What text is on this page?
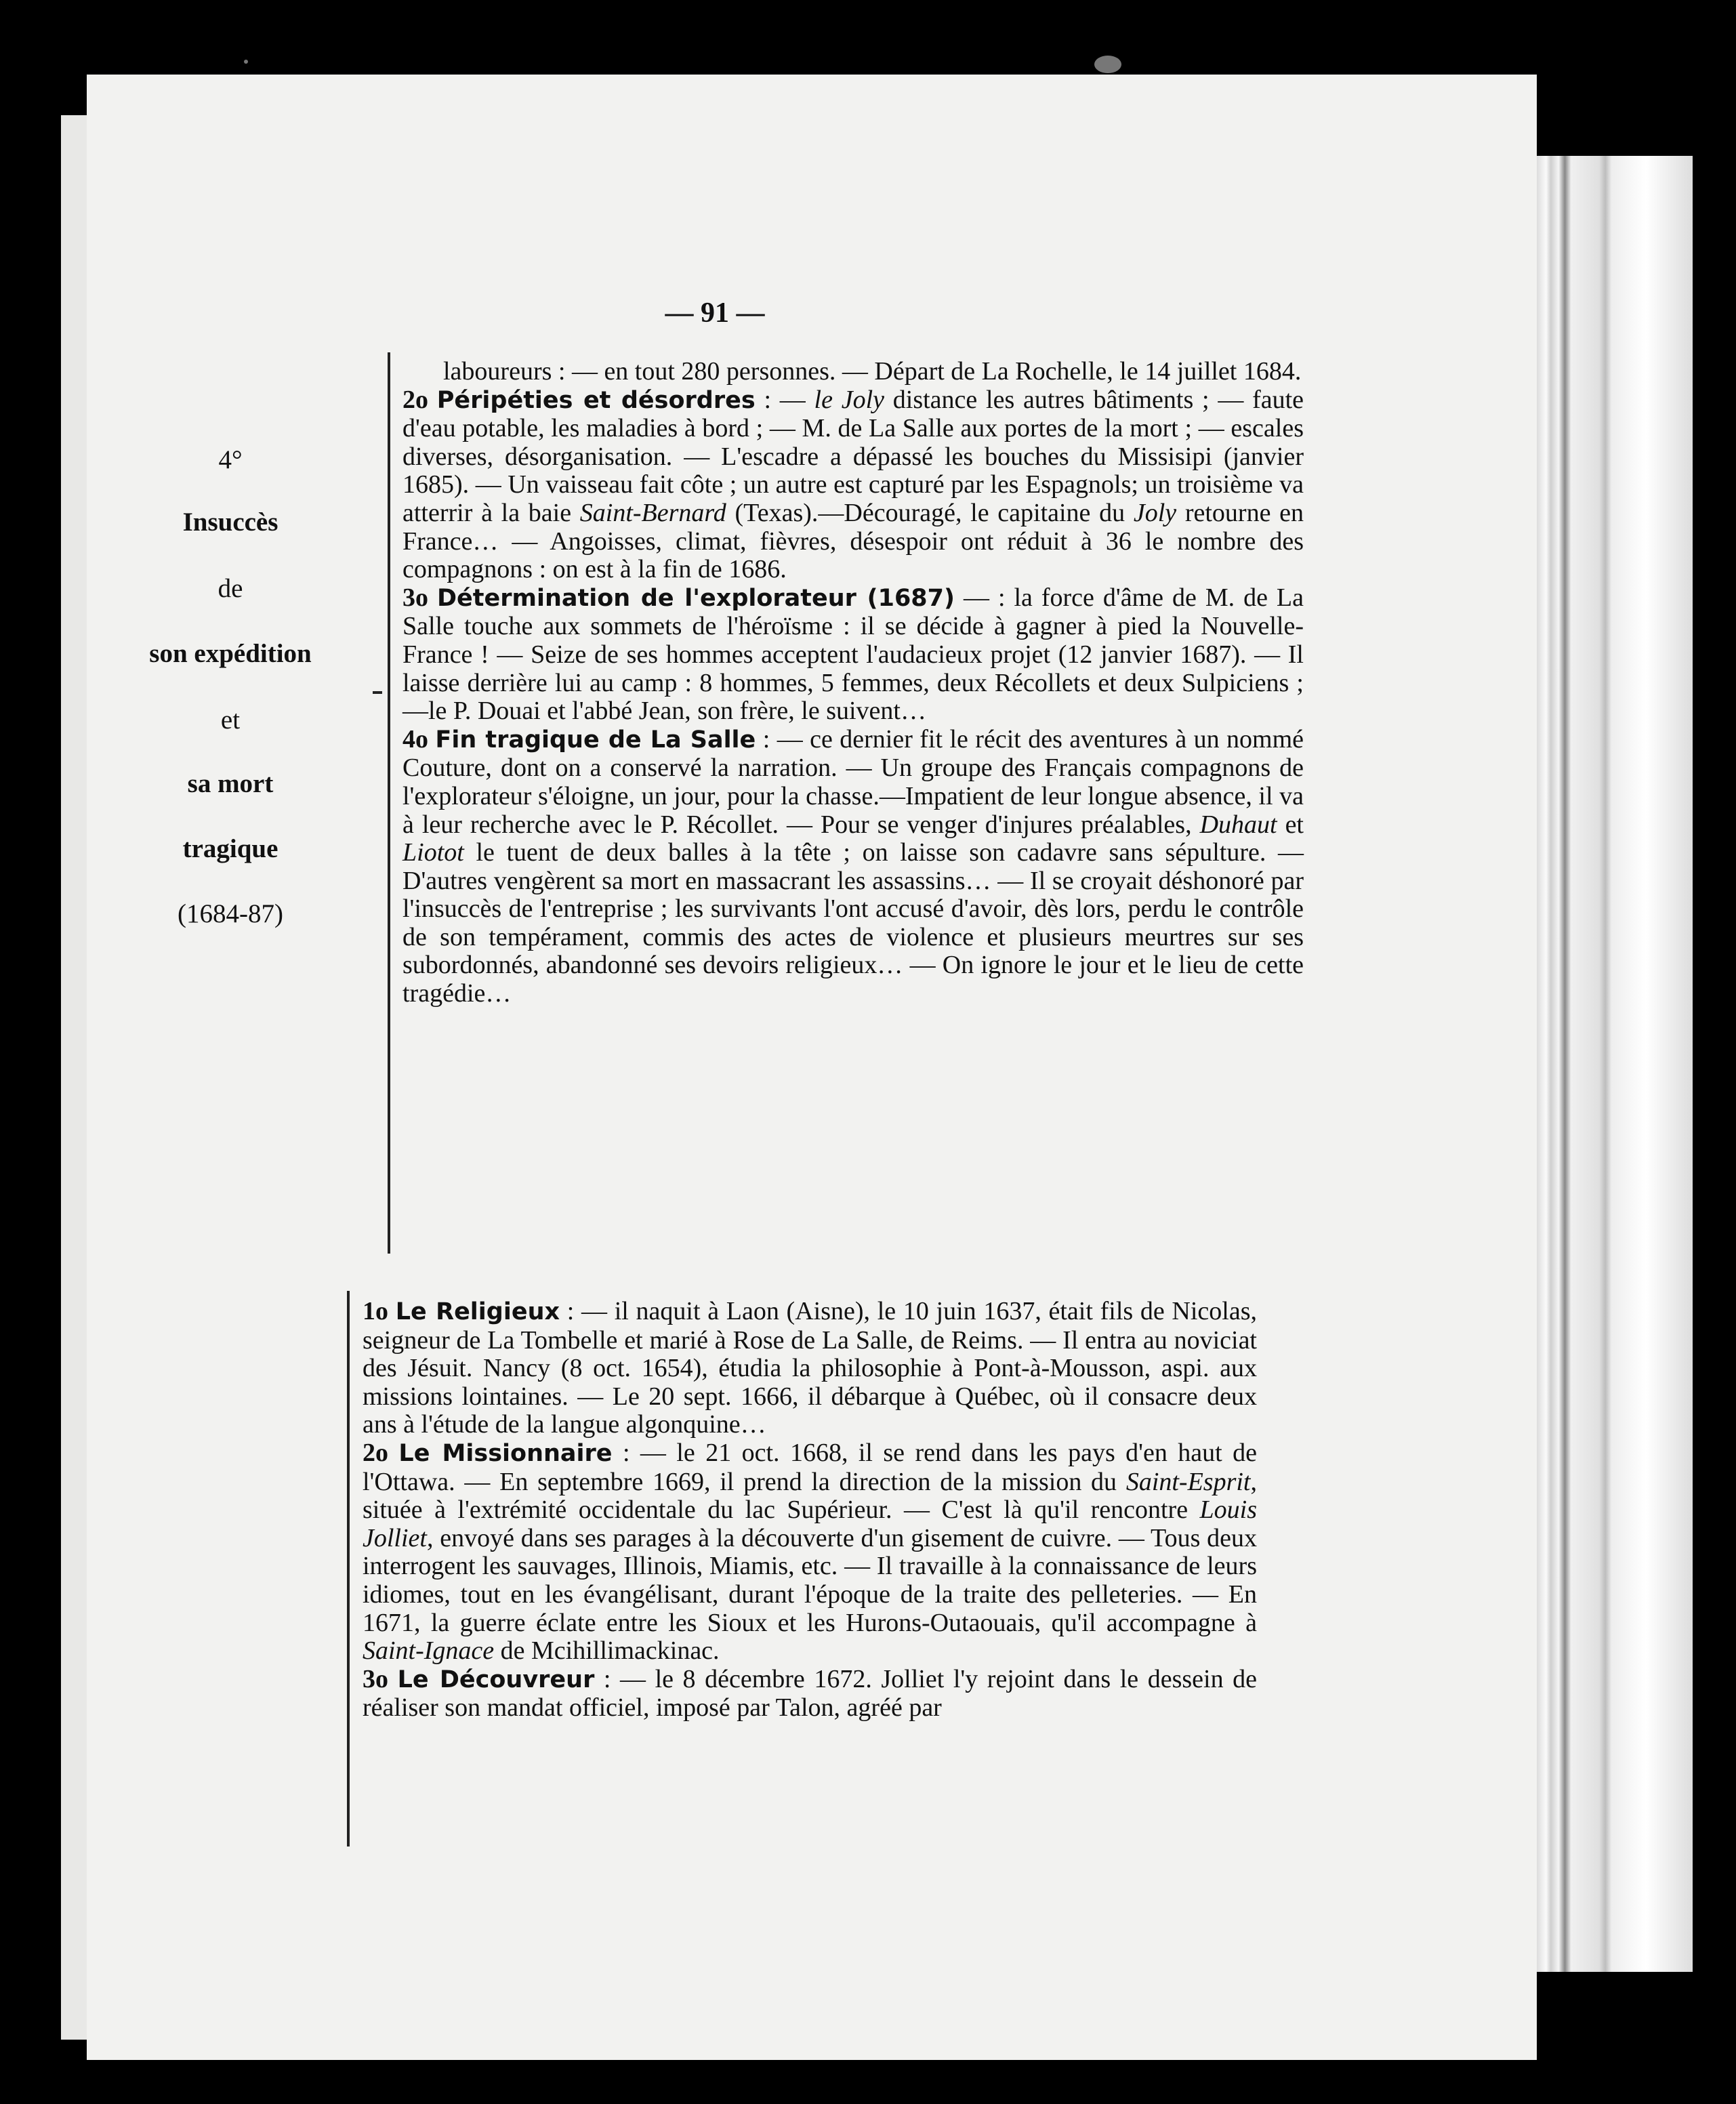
— 91 —
4°
Insuccès
de
son expédition
et
sa mort
tragique
(1684-87)

laboureurs : — en tout 280 personnes. — Départ de La Rochelle, le 14 juillet 1684.

2o Péripéties et désordres : — le Joly distance les autres bâtiments ; — faute d'eau potable, les maladies à bord ; — M. de La Salle aux portes de la mort ; — escales diverses, désorganisation. — L'escadre a dépassé les bouches du Missisipi (janvier 1685). — Un vaisseau fait côte ; un autre est capturé par les Espagnols; un troisième va atterrir à la baie Saint-Bernard (Texas).—Découragé, le capitaine du Joly retourne en France… — Angoisses, climat, fièvres, désespoir ont réduit à 36 le nombre des compagnons : on est à la fin de 1686.

3o Détermination de l'explorateur (1687) — : la force d'âme de M. de La Salle touche aux sommets de l'héroïsme : il se décide à gagner à pied la Nouvelle-France ! — Seize de ses hommes acceptent l'audacieux projet (12 janvier 1687). — Il laisse derrière lui au camp : 8 hommes, 5 femmes, deux Récollets et deux Sulpiciens ;—le P. Douai et l'abbé Jean, son frère, le suivent…

4o Fin tragique de La Salle : — ce dernier fit le récit des aventures à un nommé Couture, dont on a conservé la narration. — Un groupe des Français compagnons de l'explorateur s'éloigne, un jour, pour la chasse.—Impatient de leur longue absence, il va à leur recherche avec le P. Récollet. — Pour se venger d'injures préalables, Duhaut et Liotot le tuent de deux balles à la tête ; on laisse son cadavre sans sépulture. — D'autres vengèrent sa mort en massacrant les assassins… — Il se croyait déshonoré par l'insuccès de l'entreprise ; les survivants l'ont accusé d'avoir, dès lors, perdu le contrôle de son tempérament, commis des actes de violence et plusieurs meurtres sur ses subordonnés, abandonné ses devoirs religieux… — On ignore le jour et le lieu de cette tragédie…

1o Le Religieux : — il naquit à Laon (Aisne), le 10 juin 1637, était fils de Nicolas, seigneur de La Tombelle et marié à Rose de La Salle, de Reims. — Il entra au noviciat des Jésuit. Nancy (8 oct. 1654), étudia la philosophie à Pont-à-Mousson, aspi. aux missions lointaines. — Le 20 sept. 1666, il débarque à Québec, où il consacre deux ans à l'étude de la langue algonquine…

2o Le Missionnaire : — le 21 oct. 1668, il se rend dans les pays d'en haut de l'Ottawa. — En septembre 1669, il prend la direction de la mission du Saint-Esprit, située à l'extrémité occidentale du lac Supérieur. — C'est là qu'il rencontre Louis Jolliet, envoyé dans ses parages à la découverte d'un gisement de cuivre. — Tous deux interrogent les sauvages, Illinois, Miamis, etc. — Il travaille à la connaissance de leurs idiomes, tout en les évangélisant, durant l'époque de la traite des pelleteries. — En 1671, la guerre éclate entre les Sioux et les Hurons-Outaouais, qu'il accompagne à Saint-Ignace de Mcihillimackinac.

3o Le Découvreur : — le 8 décembre 1672. Jolliet l'y rejoint dans le dessein de réaliser son mandat officiel, imposé par Talon, agréé par
